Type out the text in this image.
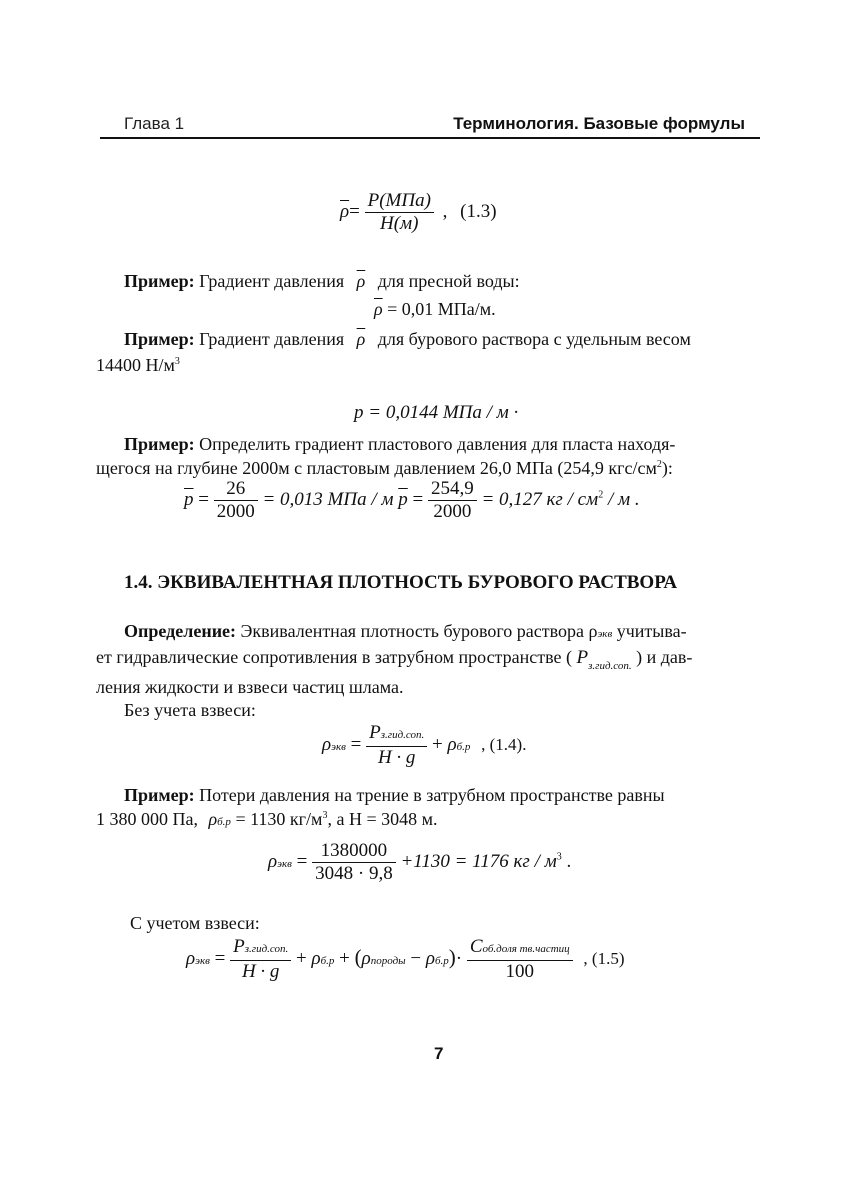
Глава 1	Терминология. Базовые формулы
$\overline{\rho}= \frac{\text{P(МПа)}}{H(м)}$ , (1.3)
Пример: Градиент давления $\overline{\rho}$ для пресной воды:
$\overline{\rho} = 0,01$ МПа/м.
Пример: Градиент давления $\overline{\rho}$ для бурового раствора с удельным весом
14400 $Н/м^3$
p = 0,0144 МПа / м ·
Пример: Определить градиент пластового давления для пласта находя-
щегося на глубине 2000м с пластовым давлением 26,0 МПа (254,9 кгс/$см^2$):
$\overline{p} = \frac{26}{2000} = 0,013$ МПа / м $\overline{p} = \frac{254,9}{2000} = 0,127$ кг / $см^2$ / м .
1.4. ЭКВИВАЛЕНТНАЯ ПЛОТНОСТЬ БУРОВОГО РАСТВОРА
Определение: Эквивалентная плотность бурового раствора ρэкв учитыва-
ет гидравлические сопротивления в затрубном пространстве ( $P_{з.гид.соп.}$ ) и дав-
ления жидкости и взвеси частиц шлама.
Без учета взвеси:
$\rho экв = \frac{\text{Pз.гид.соп.}}{H \cdot g} + \rho б.р$ , (1.4).
Пример: Потери давления на трение в затрубном пространстве равны
1 380 000 Па, ρб.р = 1130 $кг/м^3$, а Н = 3048 м.
$\rho экв = \frac{1380000}{3048 \cdot 9,8} +1130 = 1176$ кг / $м^3$ .
С учетом взвеси:
$\rho экв = \frac{\text{Pз.гид.соп.}}{H \cdot g} + \rho б.р$ + (ρпороды − $\rho б.р)\cdot \frac{\text{Cоб.доля тв.частиц}}{100}$ , (1.5)
7
